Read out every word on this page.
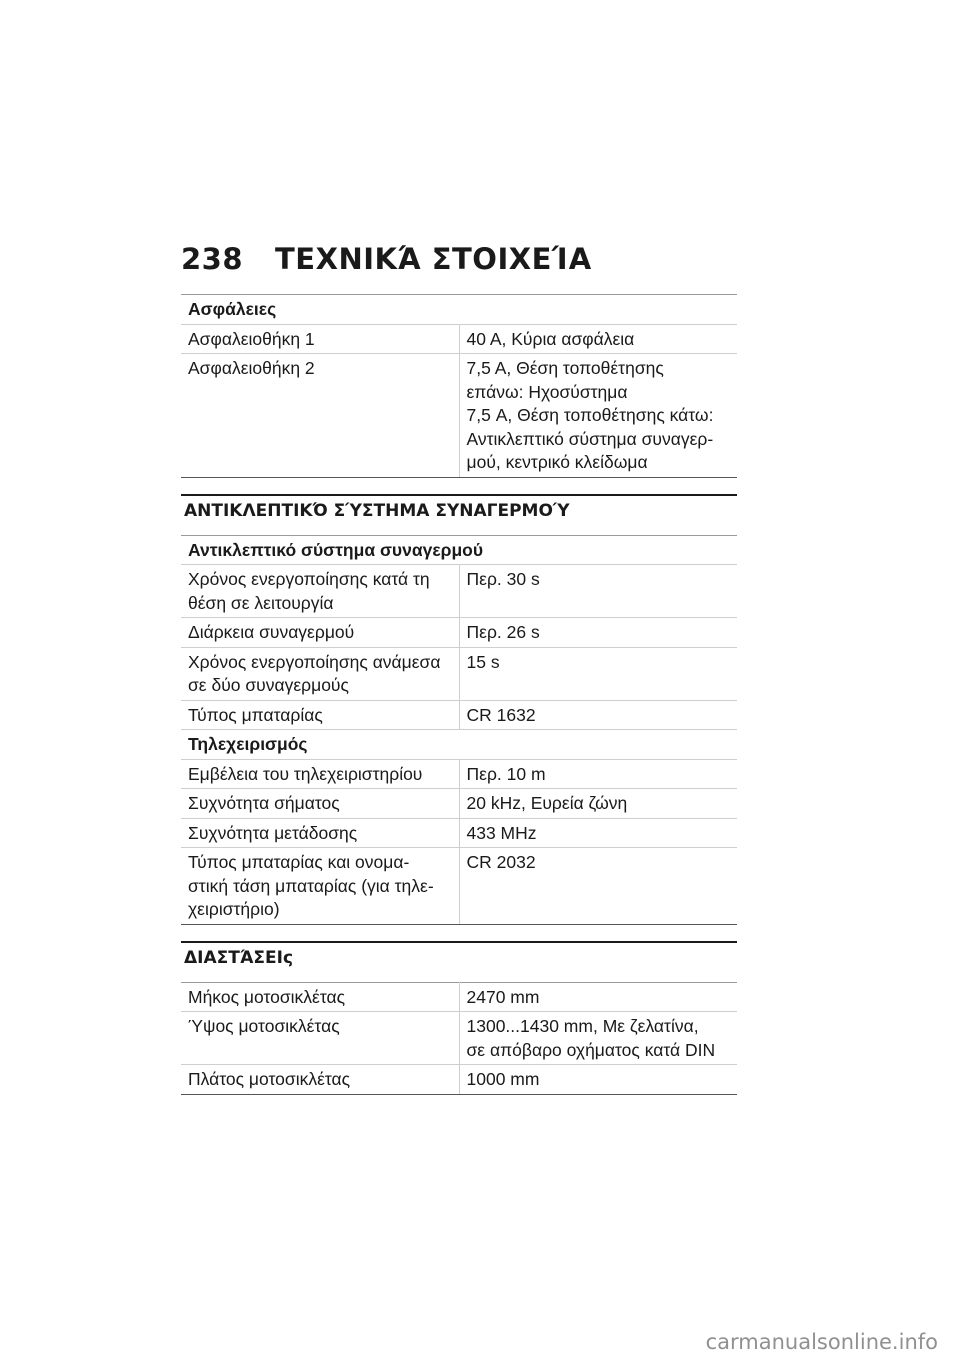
238 ΤΕΧΝΙΚΆ ΣΤΟΙΧΕΊΑ
Ασφάλειες	
Ασφαλειοθήκη 1	40 A, Κύρια ασφάλεια
Ασφαλειοθήκη 2	7,5 A, Θέση τοποθέτησης
επάνω: Ηχοσύστημα
7,5 A, Θέση τοποθέτησης κάτω:
Αντικλεπτικό σύστημα συναγερ-
μού, κεντρικό κλείδωμα
ΑΝΤΙΚΛΕΠΤΙΚΌ ΣΎΣΤΗΜΑ ΣΥΝΑΓΕΡΜΟΎ
Αντικλεπτικό σύστημα συναγερμού	
Χρόνος ενεργοποίησης κατά τη
θέση σε λειτουργία	Περ. 30 s
Διάρκεια συναγερμού	Περ. 26 s
Χρόνος ενεργοποίησης ανάμεσα
σε δύο συναγερμούς	15 s
Τύπος μπαταρίας	CR 1632
Τηλεχειρισμός	
Εμβέλεια του τηλεχειριστηρίου	Περ. 10 m
Συχνότητα σήματος	20 kHz, Ευρεία ζώνη
Συχνότητα μετάδοσης	433 MHz
Τύπος μπαταρίας και ονομα-
στική τάση μπαταρίας (για τηλε-
χειριστήριο)	CR 2032
ΔΙΑΣΤΆΣΕΙς
Μήκος μοτοσικλέτας	2470 mm
Ύψος μοτοσικλέτας	1300...1430 mm, Με ζελατίνα,
σε απόβαρο οχήματος κατά DIN
Πλάτος μοτοσικλέτας	1000 mm
carmanualsonline.info
